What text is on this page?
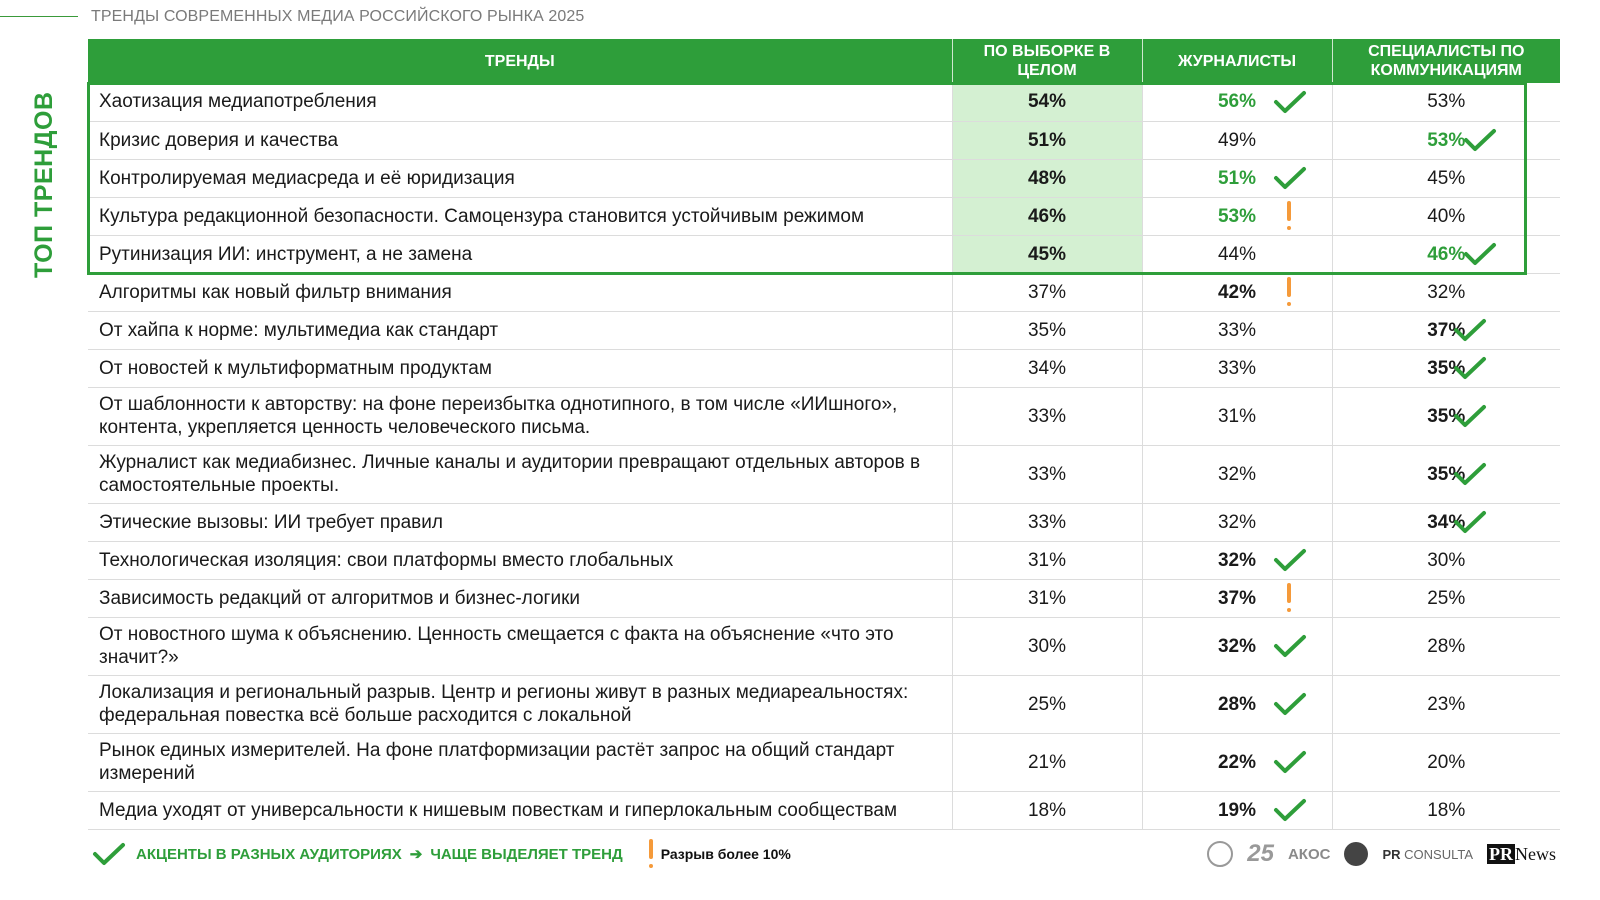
ТРЕНДЫ СОВРЕМЕННЫХ МЕДИА РОССИЙСКОГО РЫНКА 2025
ТОП ТРЕНДОВ
ТРЕНДЫ	ПО ВЫБОРКЕ В ЦЕЛОМ	ЖУРНАЛИСТЫ	СПЕЦИАЛИСТЫ ПО КОММУНИКАЦИЯМ
Хаотизация медиапотребления	54%	56%	53%
Кризис доверия и качества	51%	49%	53%

Контролируемая медиасреда и её юридизация	48%	51%	45%
Культура редакционной безопасности. Самоцензура становится устойчивым режимом	46%	53%	40%
Рутинизация ИИ: инструмент, а не замена	45%	44%	46%

Алгоритмы как новый фильтр внимания	37%	42%	32%
От хайпа к норме: мультимедиа как стандарт	35%	33%	37%

От новостей к мультиформатным продуктам	34%	33%	35%

От шаблонности к авторству: на фоне переизбытка однотипного, в том числе «ИИшного», контента, укрепляется ценность человеческого письма.	33%	31%	35%

Журналист как медиабизнес. Личные каналы и аудитории превращают отдельных авторов в самостоятельные проекты.	33%	32%	35%

Этические вызовы: ИИ требует правил	33%	32%	34%

Технологическая изоляция: свои платформы вместо глобальных	31%	32%	30%
Зависимость редакций от алгоритмов и бизнес-логики	31%	37%	25%
От новостного шума к объяснению. Ценность смещается с факта на объяснение «что это значит?»	30%	32%	28%
Локализация и региональный разрыв. Центр и регионы живут в разных медиареальностях: федеральная повестка всё больше расходится с локальной	25%	28%	23%
Рынок единых измерителей. На фоне платформизации растёт запрос на общий стандарт измерений	21%	22%	20%
Медиа уходят от универсальности к нишевым повесткам и гиперлокальным сообществам	18%	19%	18%
АКЦЕНТЫ В РАЗНЫХ АУДИТОРИЯХ ➔ ЧАЩЕ ВЫДЕЛЯЕТ ТРЕНД	Разрыв более 10%	25 АКОС	PR CONSULTA PR News
